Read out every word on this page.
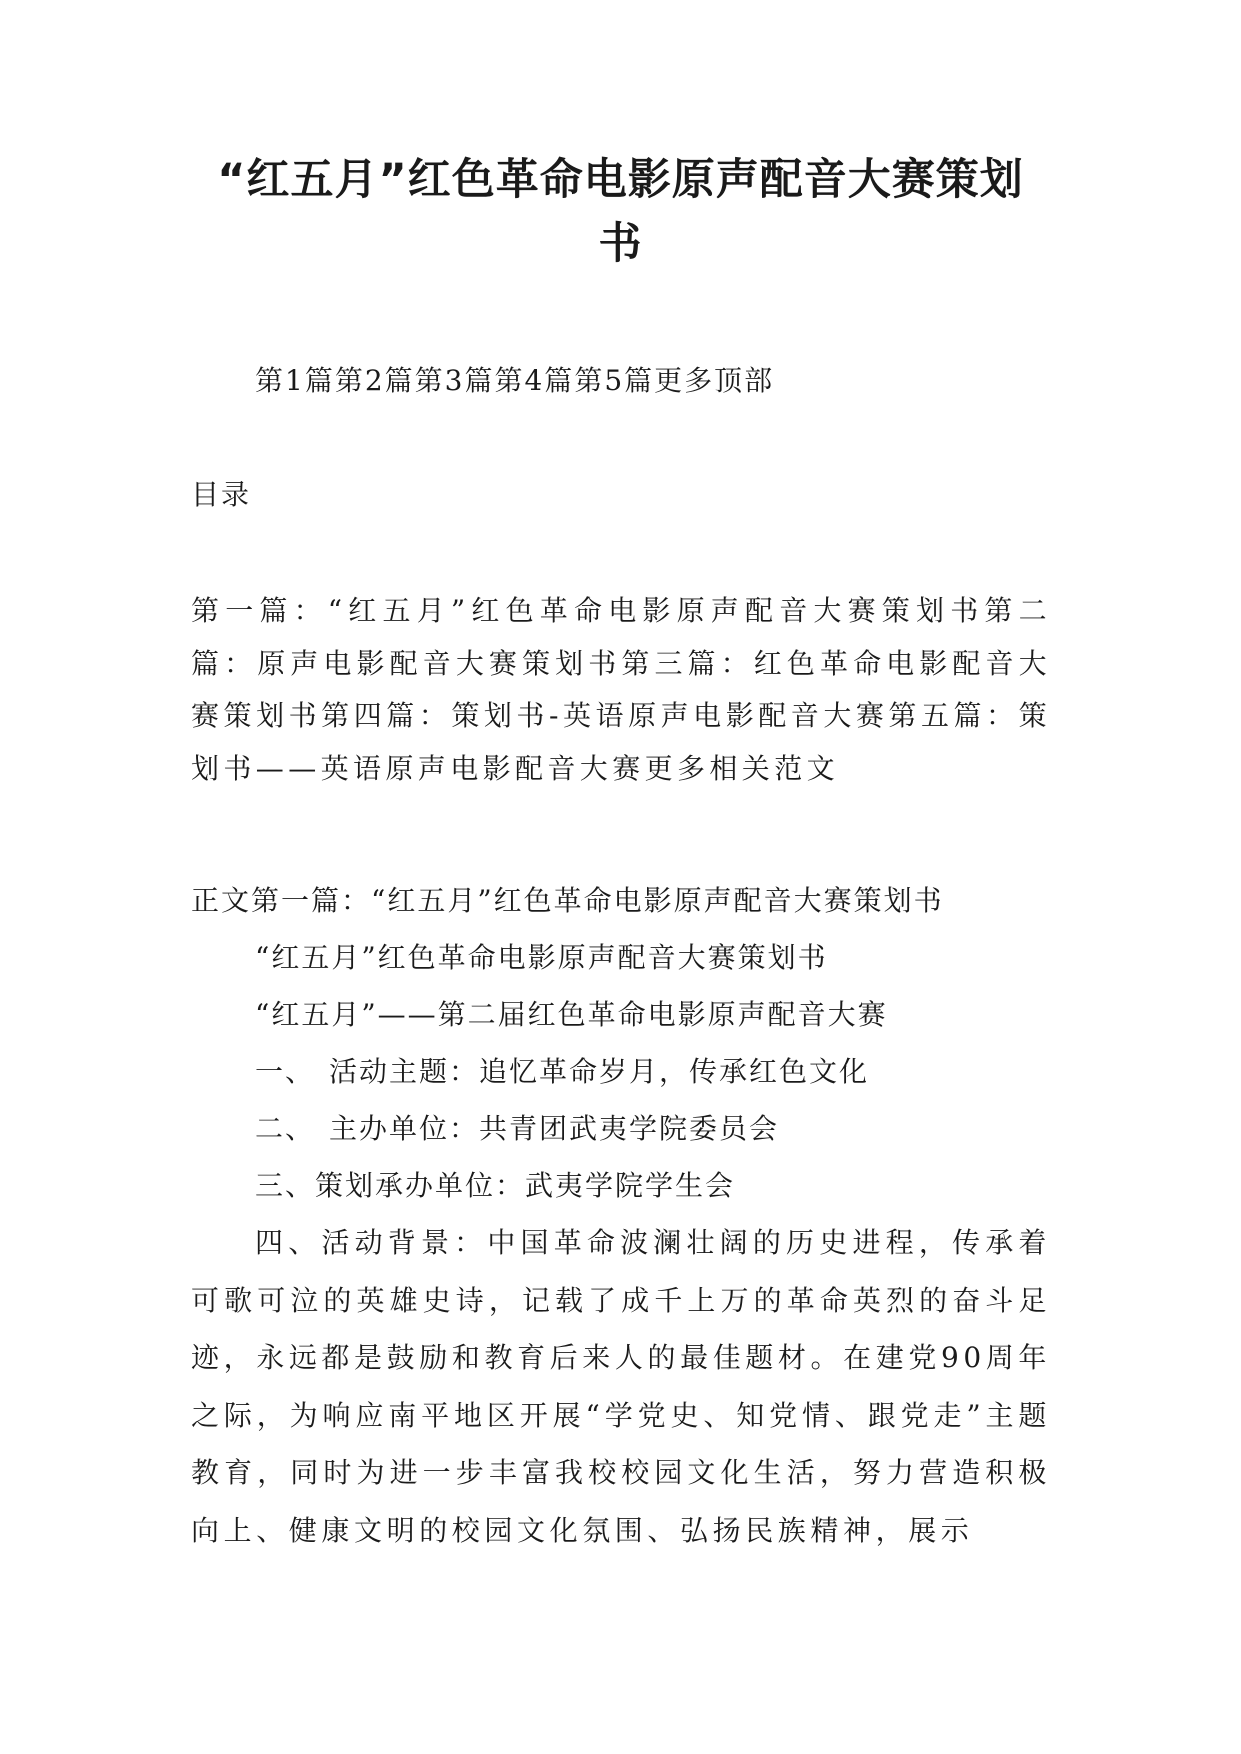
“红五月”红色革命电影原声配音大赛策划
书
第1篇第2篇第3篇第4篇第5篇更多顶部
目录
第一篇：“红五月”红色革命电影原声配音大赛策划书第二篇：原声电影配音大赛策划书第三篇：红色革命电影配音大赛策划书第四篇：策划书-英语原声电影配音大赛第五篇：策划书——英语原声电影配音大赛更多相关范文
正文第一篇：“红五月”红色革命电影原声配音大赛策划书
“红五月”红色革命电影原声配音大赛策划书
“红五月”——第二届红色革命电影原声配音大赛
一、 活动主题：追忆革命岁月，传承红色文化
二、 主办单位：共青团武夷学院委员会
三、策划承办单位：武夷学院学生会

四、活动背景：中国革命波澜壮阔的历史进程，传承着可歌可泣的英雄史诗，记载了成千上万的革命英烈的奋斗足迹，永远都是鼓励和教育后来人的最佳题材。在建党90周年之际，为响应南平地区开展“学党史、知党情、跟党走”主题教育，同时为进一步丰富我校校园文化生活，努力营造积极向上、健康文明的校园文化氛围、弘扬民族精神，展示
